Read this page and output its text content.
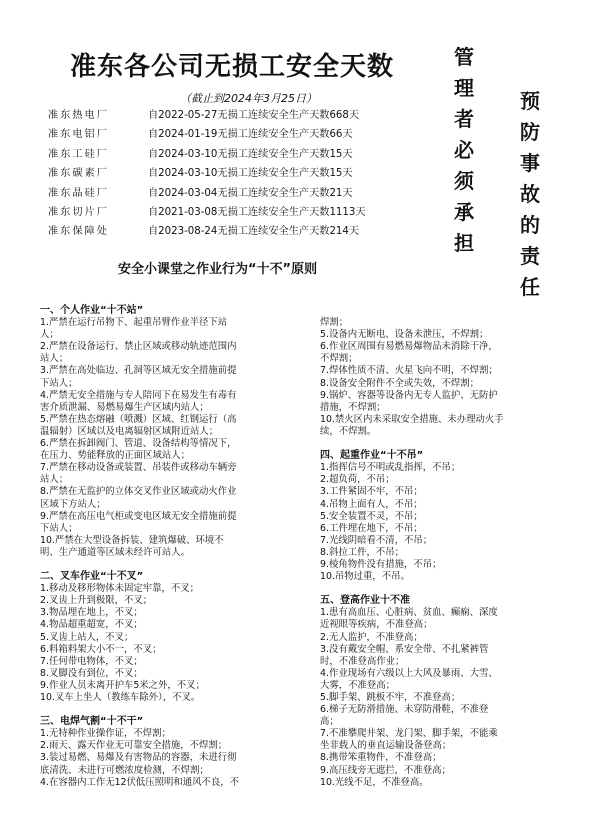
准东各公司无损工安全天数
（截止到2024年3月25日）
准东热电厂	自2022-05-27无损工连续安全生产天数668天
准东电铝厂	自2024-01-19无损工连续安全生产天数66天
准东工硅厂	自2024-03-10无损工连续安全生产天数15天
准东碳素厂	自2024-03-10无损工连续安全生产天数15天
准东晶硅厂	自2024-03-04无损工连续安全生产天数21天
准东切片厂	自2021-03-08无损工连续安全生产天数1113天
准东保障处	自2023-08-24无损工连续安全生产天数214天
管
理
者
必
须
承
担
预
防
事
故
的
责
任
安全小课堂之作业行为“十不”原则
一、个人作业“十不站”
1.严禁在运行吊物下、起重吊臂作业半径下站
人；
2.严禁在设备运行、禁止区域或移动轨迹范围内
站人；
3.严禁在高处临边、孔洞等区域无安全措施前提
下站人；
4.严禁无安全措施与专人陪同下在易发生有毒有
害介质泄漏、易燃易爆生产区域内站人；
5.严禁在热态熔融（喷溅）区域、红钢运行（高
温辐射）区域以及电离辐射区域附近站人；
6.严禁在拆卸阀门、管道、设备结构等情况下，
在压力、势能释放的正面区域站人；
7.严禁在移动设备或装置、吊装件或移动车辆旁
站人；
8.严禁在无监护的立体交叉作业区域或动火作业
区域下方站人；
9.严禁在高压电气柜或变电区域无安全措施前提
下站人；
10.严禁在大型设备拆装、建筑爆破、环境不
明、生产通道等区域未经许可站人。
二、叉车作业“十不叉”
1.移动及移形物体未固定牢靠，不叉；
2.叉齿上升到极限，不叉；
3.物品埋在地上，不叉；
4.物品超重超宽，不叉；
5.叉齿上站人，不叉；
6.料箱料架大小不一，不叉；
7.任何带电物体，不叉；
8.叉脚没有到位，不叉；
9.作业人员未离开护车5米之外，不叉；
10.叉车上坐人（教练车除外），不叉。
三、电焊气割“十不干”
1.无特种作业操作证，不焊割；
2.雨天、露天作业无可靠安全措施，不焊割；
3.装过易燃、易爆及有害物品的容器，未进行彻
底清洗、未进行可燃浓度检测，不焊割；
4.在容器内工作无12伏低压照明和通风不良，不
焊割；
5.设备内无断电、设备未泄压，不焊割；
6.作业区周围有易燃易爆物品未消除干净，
不焊割；
7.焊体性质不清、火星飞向不明，不焊割；
8.设备安全附件不全或失效，不焊割；
9.锅炉、容器等设备内无专人监护、无防护
措施，不焊割；
10.禁火区内未采取安全措施、未办理动火手
续，不焊割。
四、起重作业“十不吊”
1.指挥信号不明或乱指挥，不吊；
2.超负荷，不吊；
3.工件紧固不牢，不吊；
4.吊物上面有人，不吊；
5.安全装置不灵，不吊；
6.工件埋在地下，不吊；
7.光线阴暗看不清，不吊；
8.斜拉工件，不吊；
9.棱角物件没有措施，不吊；
10.吊物过重，不吊。
五、登高作业十不准
1.患有高血压、心脏病、贫血、癫痫、深度
近视眼等疾病，不准登高；
2.无人监护，不准登高；
3.没有戴安全帽、系安全带、不扎紧裤管
时，不准登高作业；
4.作业现场有六级以上大风及暴雨、大雪、
大雾，不准登高；
5.脚手架、跳板不牢，不准登高；
6.梯子无防滑措施、未穿防滑鞋，不准登
高；
7.不准攀爬井架、龙门架、脚手架，不能乘
坐非载人的垂直运输设备登高；
8.携带笨重物件，不准登高；
9.高压线旁无遮拦，不准登高；
10.光线不足，不准登高。
